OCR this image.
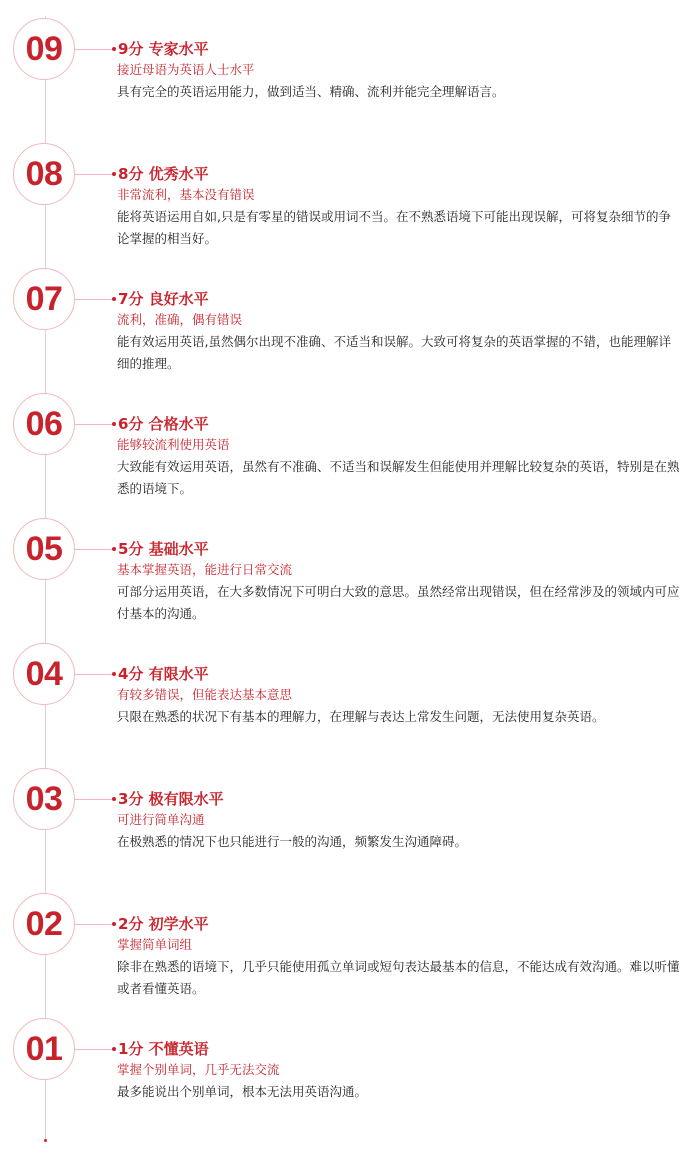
09	9分 专家水平

接近母语为英语人士水平

具有完全的英语运用能力，做到适当、精确、流利并能完全理解语言。

08	8分 优秀水平

非常流利，基本没有错误

能将英语运用自如,只是有零星的错误或用词不当。在不熟悉语境下可能出现误解，可将复杂细节的争论掌握的相当好。

07	7分 良好水平

流利，准确，偶有错误

能有效运用英语,虽然偶尔出现不准确、不适当和误解。大致可将复杂的英语掌握的不错，也能理解详细的推理。

06	6分 合格水平

能够较流利使用英语

大致能有效运用英语，虽然有不准确、不适当和误解发生但能使用并理解比较复杂的英语，特别是在熟悉的语境下。

05	5分 基础水平

基本掌握英语，能进行日常交流

可部分运用英语，在大多数情况下可明白大致的意思。虽然经常出现错误，但在经常涉及的领域内可应付基本的沟通。

04	4分 有限水平

有较多错误，但能表达基本意思

只限在熟悉的状况下有基本的理解力，在理解与表达上常发生问题，无法使用复杂英语。

03	3分 极有限水平

可进行简单沟通

在极熟悉的情况下也只能进行一般的沟通，频繁发生沟通障碍。

02	2分 初学水平

掌握简单词组

除非在熟悉的语境下，几乎只能使用孤立单词或短句表达最基本的信息，不能达成有效沟通。难以听懂或者看懂英语。

01	1分 不懂英语

掌握个别单词，几乎无法交流

最多能说出个别单词，根本无法用英语沟通。
